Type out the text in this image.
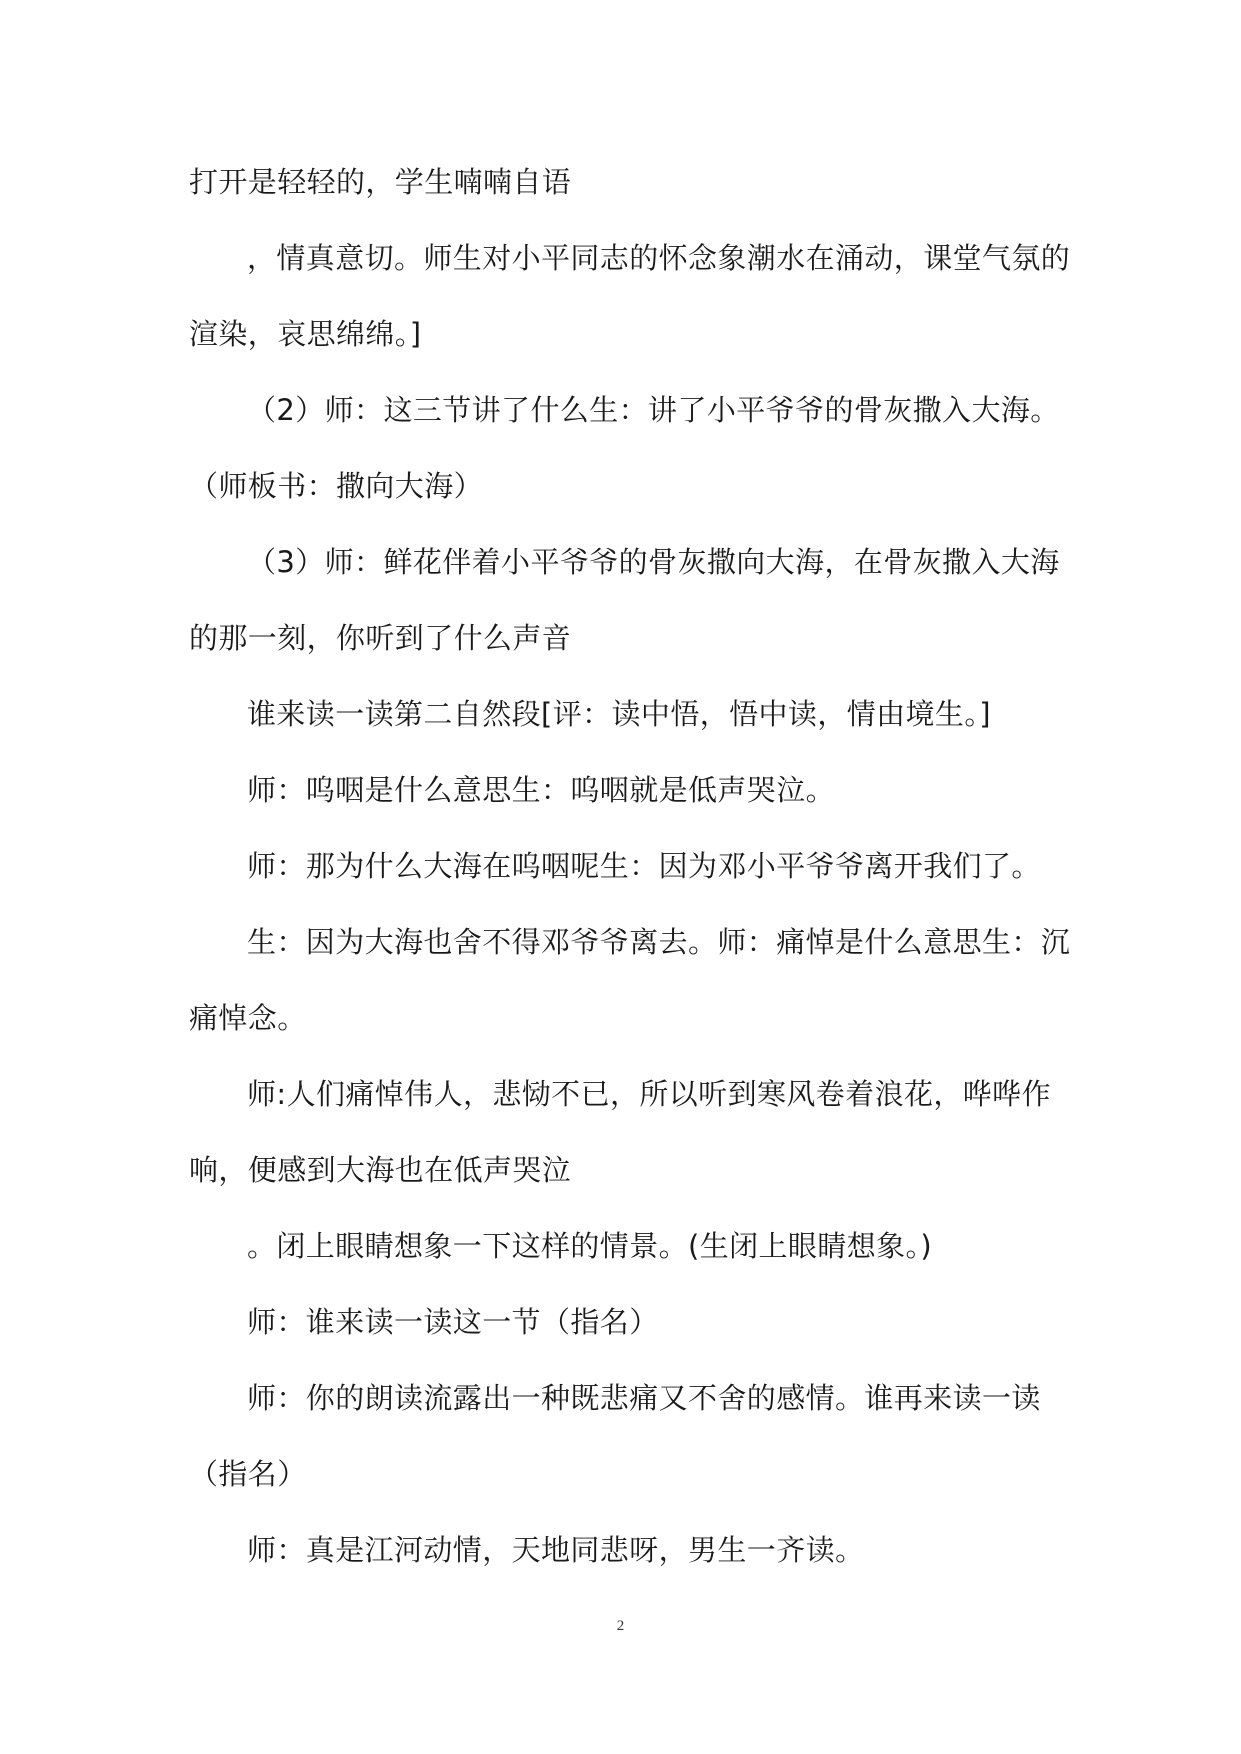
打开是轻轻的，学生喃喃自语

，情真意切。师生对小平同志的怀念象潮水在涌动，课堂气氛的

渲染，哀思绵绵。]

（2）师：这三节讲了什么生：讲了小平爷爷的骨灰撒入大海。

（师板书：撒向大海）

（3）师：鲜花伴着小平爷爷的骨灰撒向大海，在骨灰撒入大海

的那一刻，你听到了什么声音

谁来读一读第二自然段[评：读中悟，悟中读，情由境生。]

师：呜咽是什么意思生：呜咽就是低声哭泣。

师：那为什么大海在呜咽呢生：因为邓小平爷爷离开我们了。

生：因为大海也舍不得邓爷爷离去。师：痛悼是什么意思生：沉

痛悼念。

师:人们痛悼伟人，悲恸不已，所以听到寒风卷着浪花，哗哗作

响，便感到大海也在低声哭泣

。闭上眼睛想象一下这样的情景。(生闭上眼睛想象。)

师：谁来读一读这一节（指名）

师：你的朗读流露出一种既悲痛又不舍的感情。谁再来读一读

（指名）

师：真是江河动情，天地同悲呀，男生一齐读。

2
